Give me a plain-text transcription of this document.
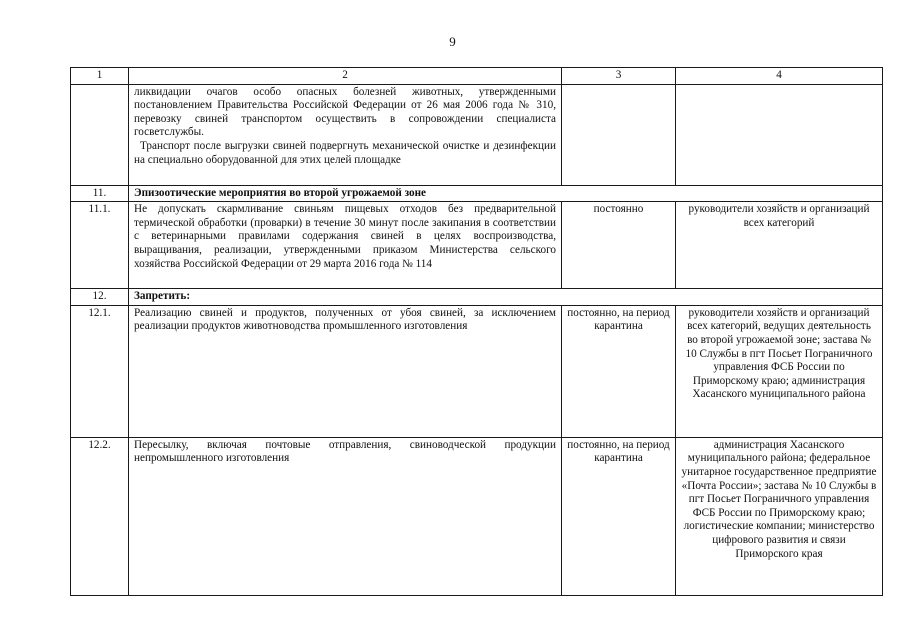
9
1	2	3	4

	ликвидации очагов особо опасных болезней животных, утвержденными постановлением Правительства Российской Федерации от 26 мая 2006 года № 310, перевозку свиней транспортом осуществить в сопровождении специалиста госветслужбы.
Транспорт после выгрузки свиней подвергнуть механической очистке и дезинфекции на специально оборудованной для этих целей площадке		

11.	Эпизоотические мероприятия во второй угрожаемой зоне		
11.1.	Не допускать скармливание свиньям пищевых отходов без предварительной термической обработки (проварки) в течение 30 минут после закипания в соответствии с ветеринарными правилами содержания свиней в целях воспроизводства, выращивания, реализации, утвержденными приказом Министерства сельского хозяйства Российской Федерации от 29 марта 2016 года № 114	постоянно	руководители хозяйств и организаций всех категорий
12.	Запретить:		
12.1.	Реализацию свиней и продуктов, полученных от убоя свиней, за исключением реализации продуктов животноводства промышленного изготовления	постоянно, на период карантина	руководители хозяйств и организаций всех категорий, ведущих деятельность во второй угрожаемой зоне; застава № 10 Службы в пгт Посьет Пограничного управления ФСБ России по Приморскому краю; администрация Хасанского муниципального района
12.2.	Пересылку, включая почтовые отправления, свиноводческой продукции непромышленного изготовления	постоянно, на период карантина	администрация Хасанского муниципального района; федеральное унитарное государственное предприятие «Почта России»; застава № 10 Службы в пгт Посьет Пограничного управления ФСБ России по Приморскому краю; логистические компании; министерство цифрового развития и связи Приморского края
